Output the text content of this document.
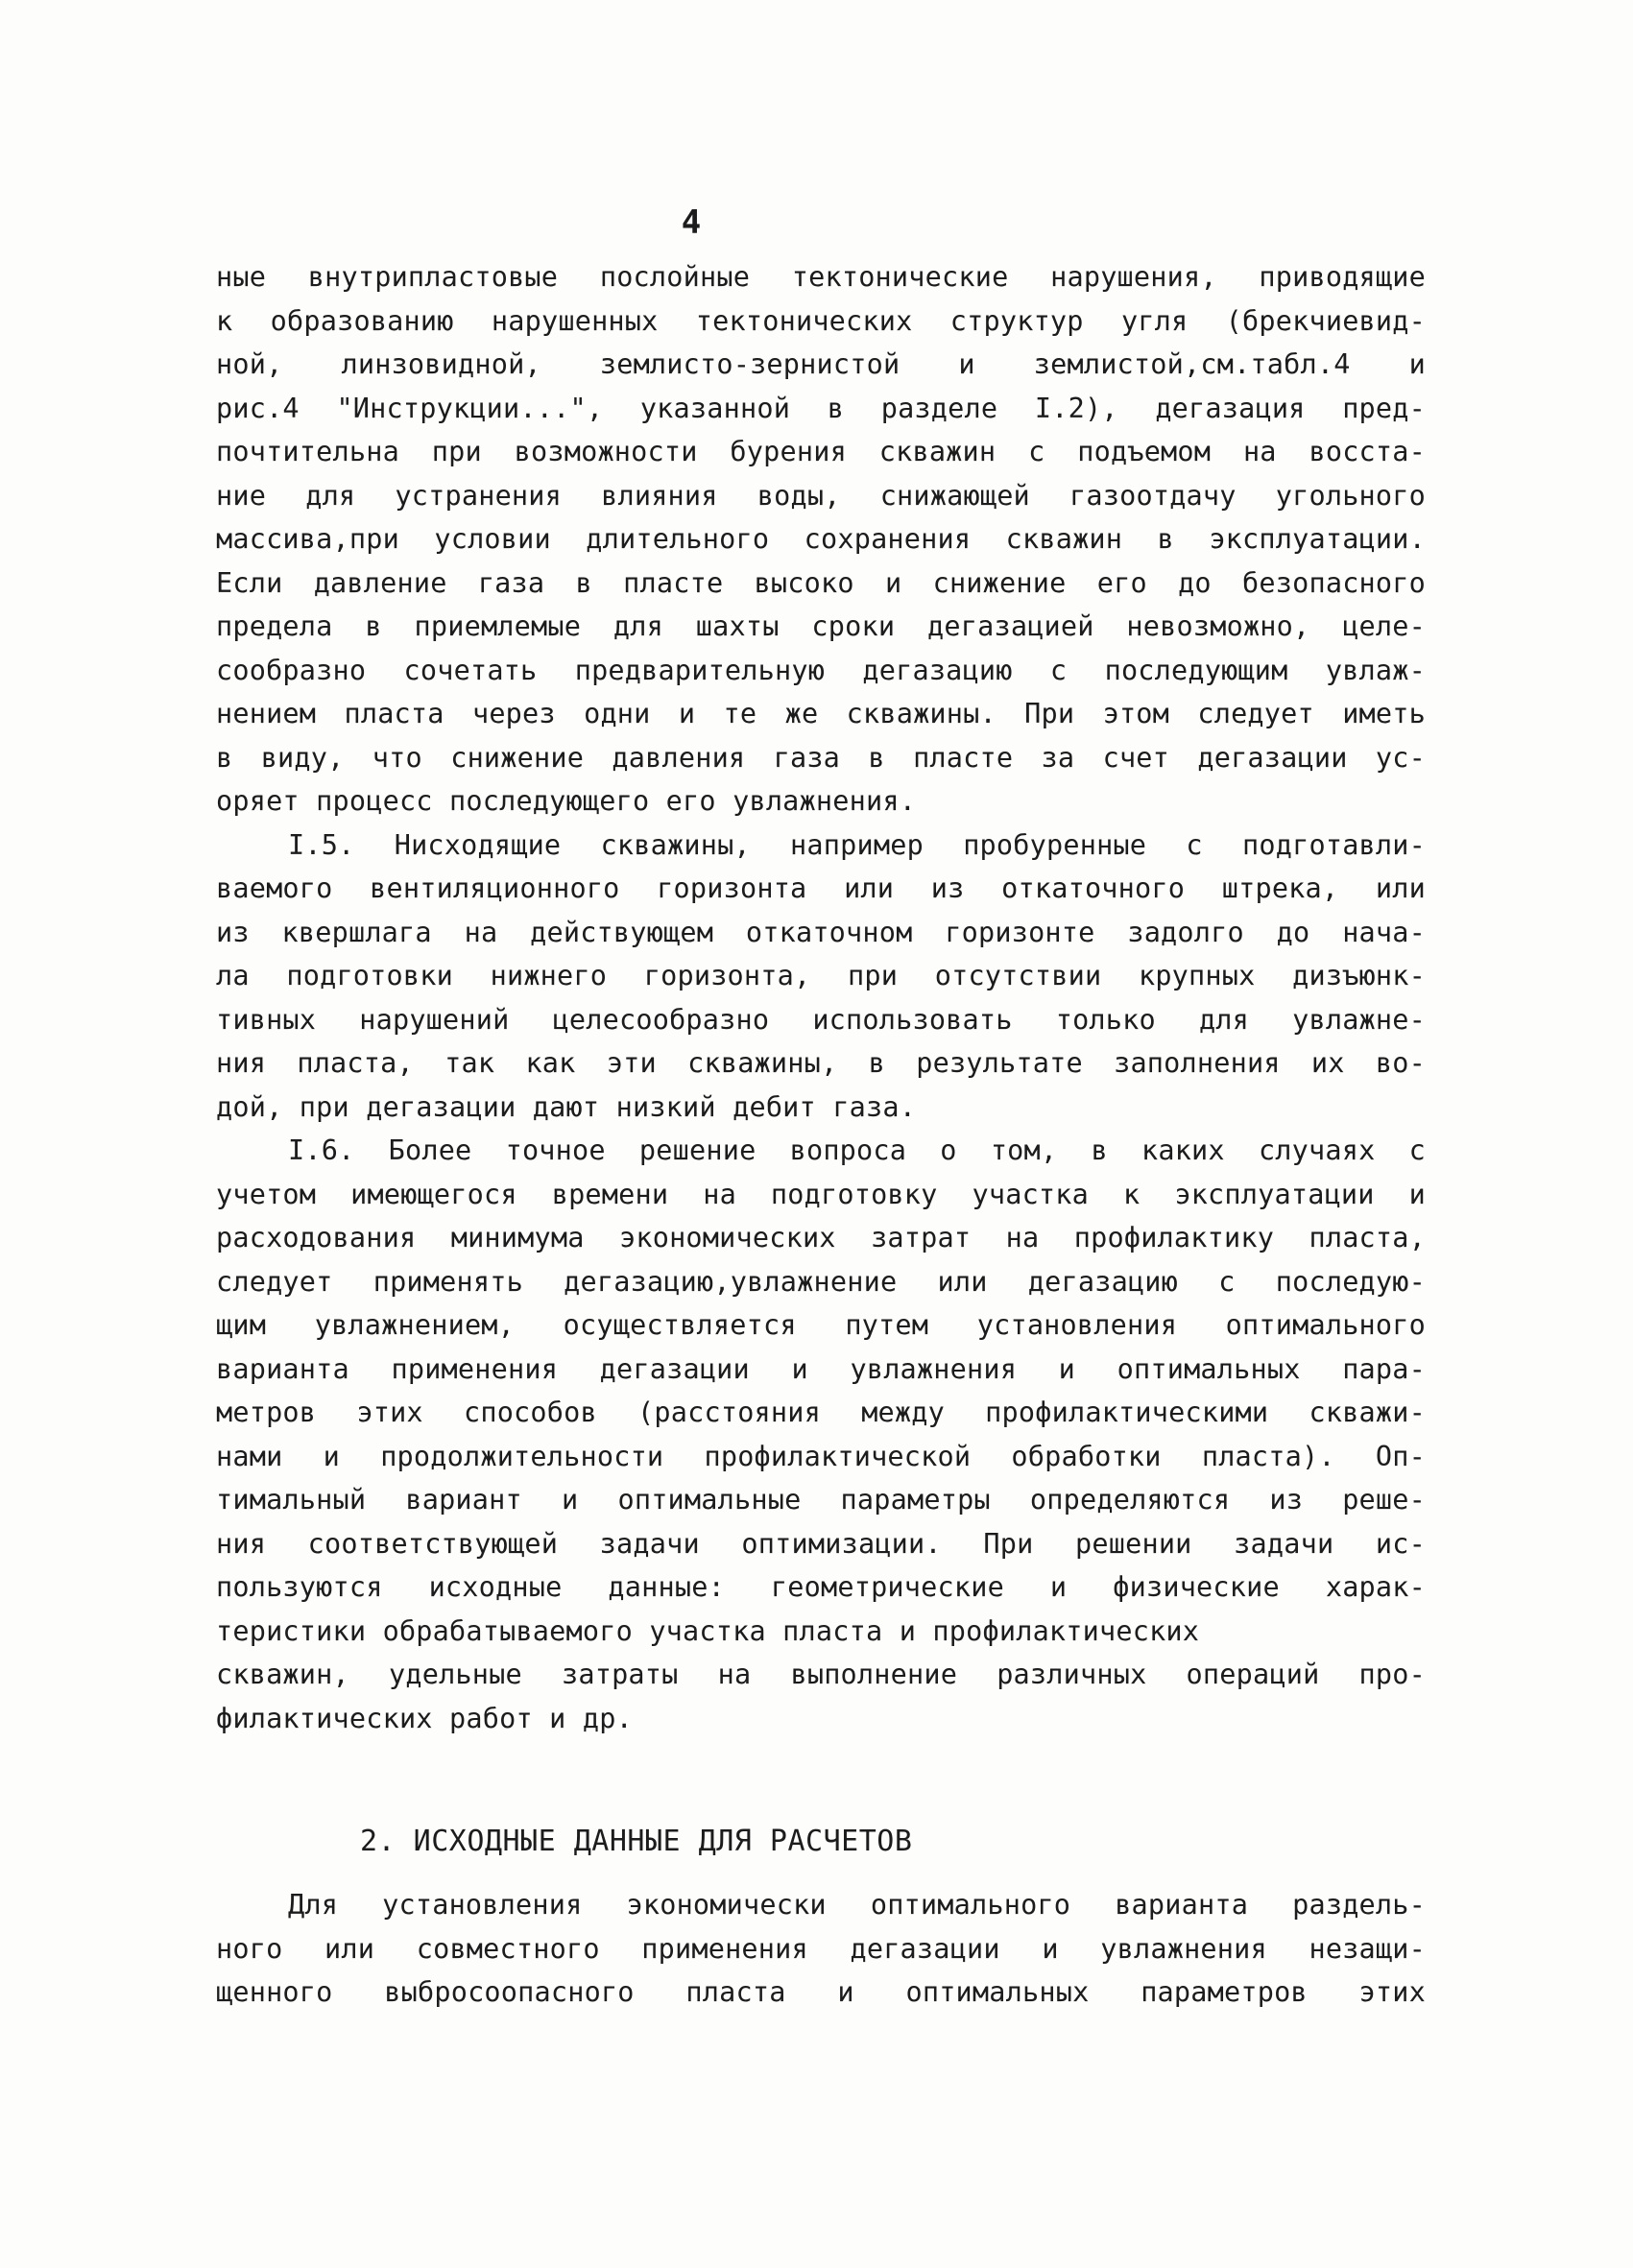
4
ные внутрипластовые послойные тектонические нарушения, приводящие
к образованию нарушенных тектонических структур угля (брекчиевид-
ной, линзовидной, землисто-зернистой и землистой,см.табл.4 и
рис.4 "Инструкции...", указанной в разделе I.2), дегазация пред-
почтительна при возможности бурения скважин с подъемом на восста-
ние для устранения влияния воды, снижающей газоотдачу угольного
массива,при условии длительного сохранения скважин в эксплуатации.
Если давление газа в пласте высоко и снижение его до безопасного
предела в приемлемые для шахты сроки дегазацией невозможно, целе-
сообразно сочетать предварительную дегазацию с последующим увлаж-
нением пласта через одни и те же скважины. При этом следует иметь
в виду, что снижение давления газа в пласте за счет дегазации ус-
оряет процесс последующего его увлажнения.
I.5. Нисходящие скважины, например пробуренные с подготавли-
ваемого вентиляционного горизонта или из откаточного штрека, или
из квершлага на действующем откаточном горизонте задолго до нача-
ла подготовки нижнего горизонта, при отсутствии крупных дизъюнк-
тивных нарушений целесообразно использовать только для увлажне-
ния пласта, так как эти скважины, в результате заполнения их во-
дой, при дегазации дают низкий дебит газа.
I.6. Более точное решение вопроса о том, в каких случаях с
учетом имеющегося времени на подготовку участка к эксплуатации и
расходования минимума экономических затрат на профилактику пласта,
следует применять дегазацию,увлажнение или дегазацию с последую-
щим увлажнением, осуществляется путем установления оптимального
варианта применения дегазации и увлажнения и оптимальных пара-
метров этих способов (расстояния между профилактическими скважи-
нами и продолжительности профилактической обработки пласта). Оп-
тимальный вариант и оптимальные параметры определяются из реше-
ния соответствующей задачи оптимизации. При решении задачи ис-
пользуются исходные данные: геометрические и физические харак-
теристики обрабатываемого участка пласта и профилактических
скважин, удельные затраты на выполнение различных операций про-
филактических работ и др.
2. ИСХОДНЫЕ ДАННЫЕ ДЛЯ РАСЧЕТОВ
Для установления экономически оптимального варианта раздель-
ного или совместного применения дегазации и увлажнения незащи-
щенного выбросоопасного пласта и оптимальных параметров этих
